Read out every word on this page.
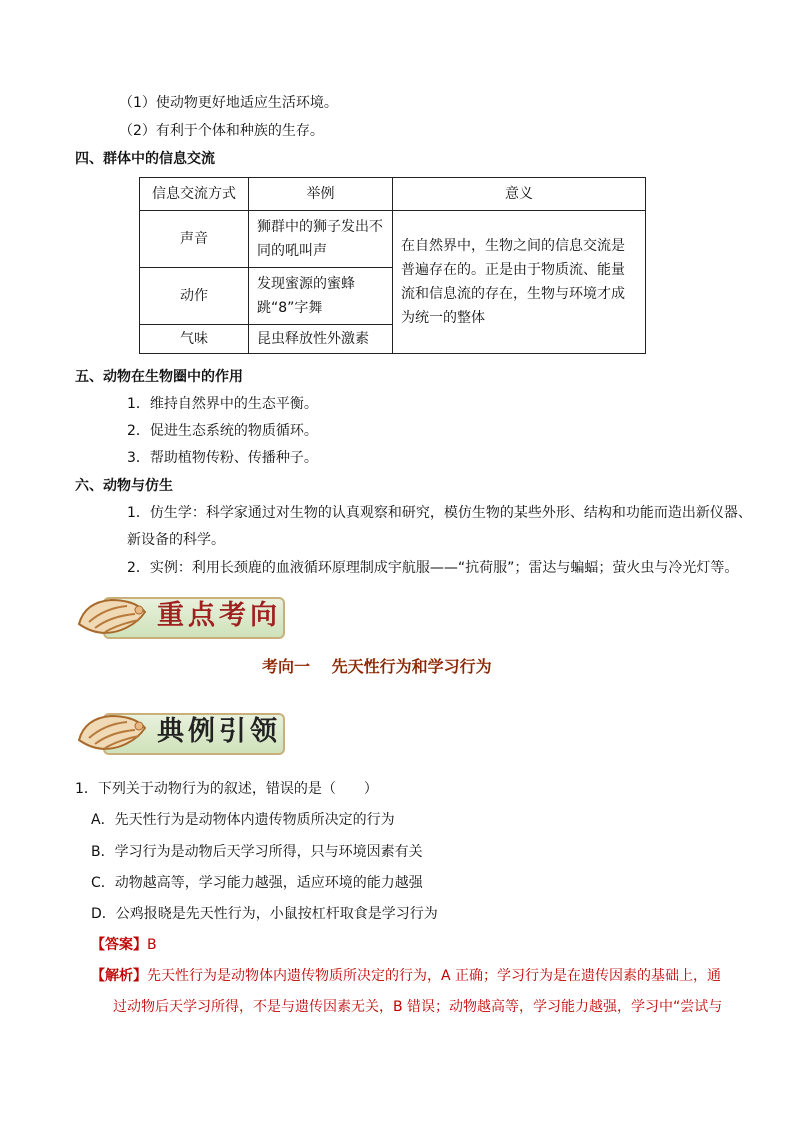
（1）使动物更好地适应生活环境。
（2）有利于个体和种族的生存。
四、群体中的信息交流
信息交流方式	举例	意义
声音	狮群中的狮子发出不同的吼叫声	在自然界中，生物之间的信息交流是普遍存在的。正是由于物质流、能量流和信息流的存在，生物与环境才成为统一的整体
动作	发现蜜源的蜜蜂跳“8”字舞	
气味	昆虫释放性外激素	
五、动物在生物圈中的作用
1．维持自然界中的生态平衡。
2．促进生态系统的物质循环。
3．帮助植物传粉、传播种子。
六、动物与仿生
1．仿生学：科学家通过对生物的认真观察和研究，模仿生物的某些外形、结构和功能而造出新仪器、
新设备的科学。
2．实例：利用长颈鹿的血液循环原理制成宇航服——“抗荷服”；雷达与蝙蝠；萤火虫与冷光灯等。
重点考向
考向一　 先天性行为和学习行为
典例引领
1．下列关于动物行为的叙述，错误的是（　　）
A．先天性行为是动物体内遗传物质所决定的行为
B．学习行为是动物后天学习所得，只与环境因素有关
C．动物越高等，学习能力越强，适应环境的能力越强
D．公鸡报晓是先天性行为，小鼠按杠杆取食是学习行为
【答案】B
【解析】先天性行为是动物体内遗传物质所决定的行为，A 正确；学习行为是在遗传因素的基础上，通
过动物后天学习所得，不是与遗传因素无关，B 错误；动物越高等，学习能力越强，学习中“尝试与
